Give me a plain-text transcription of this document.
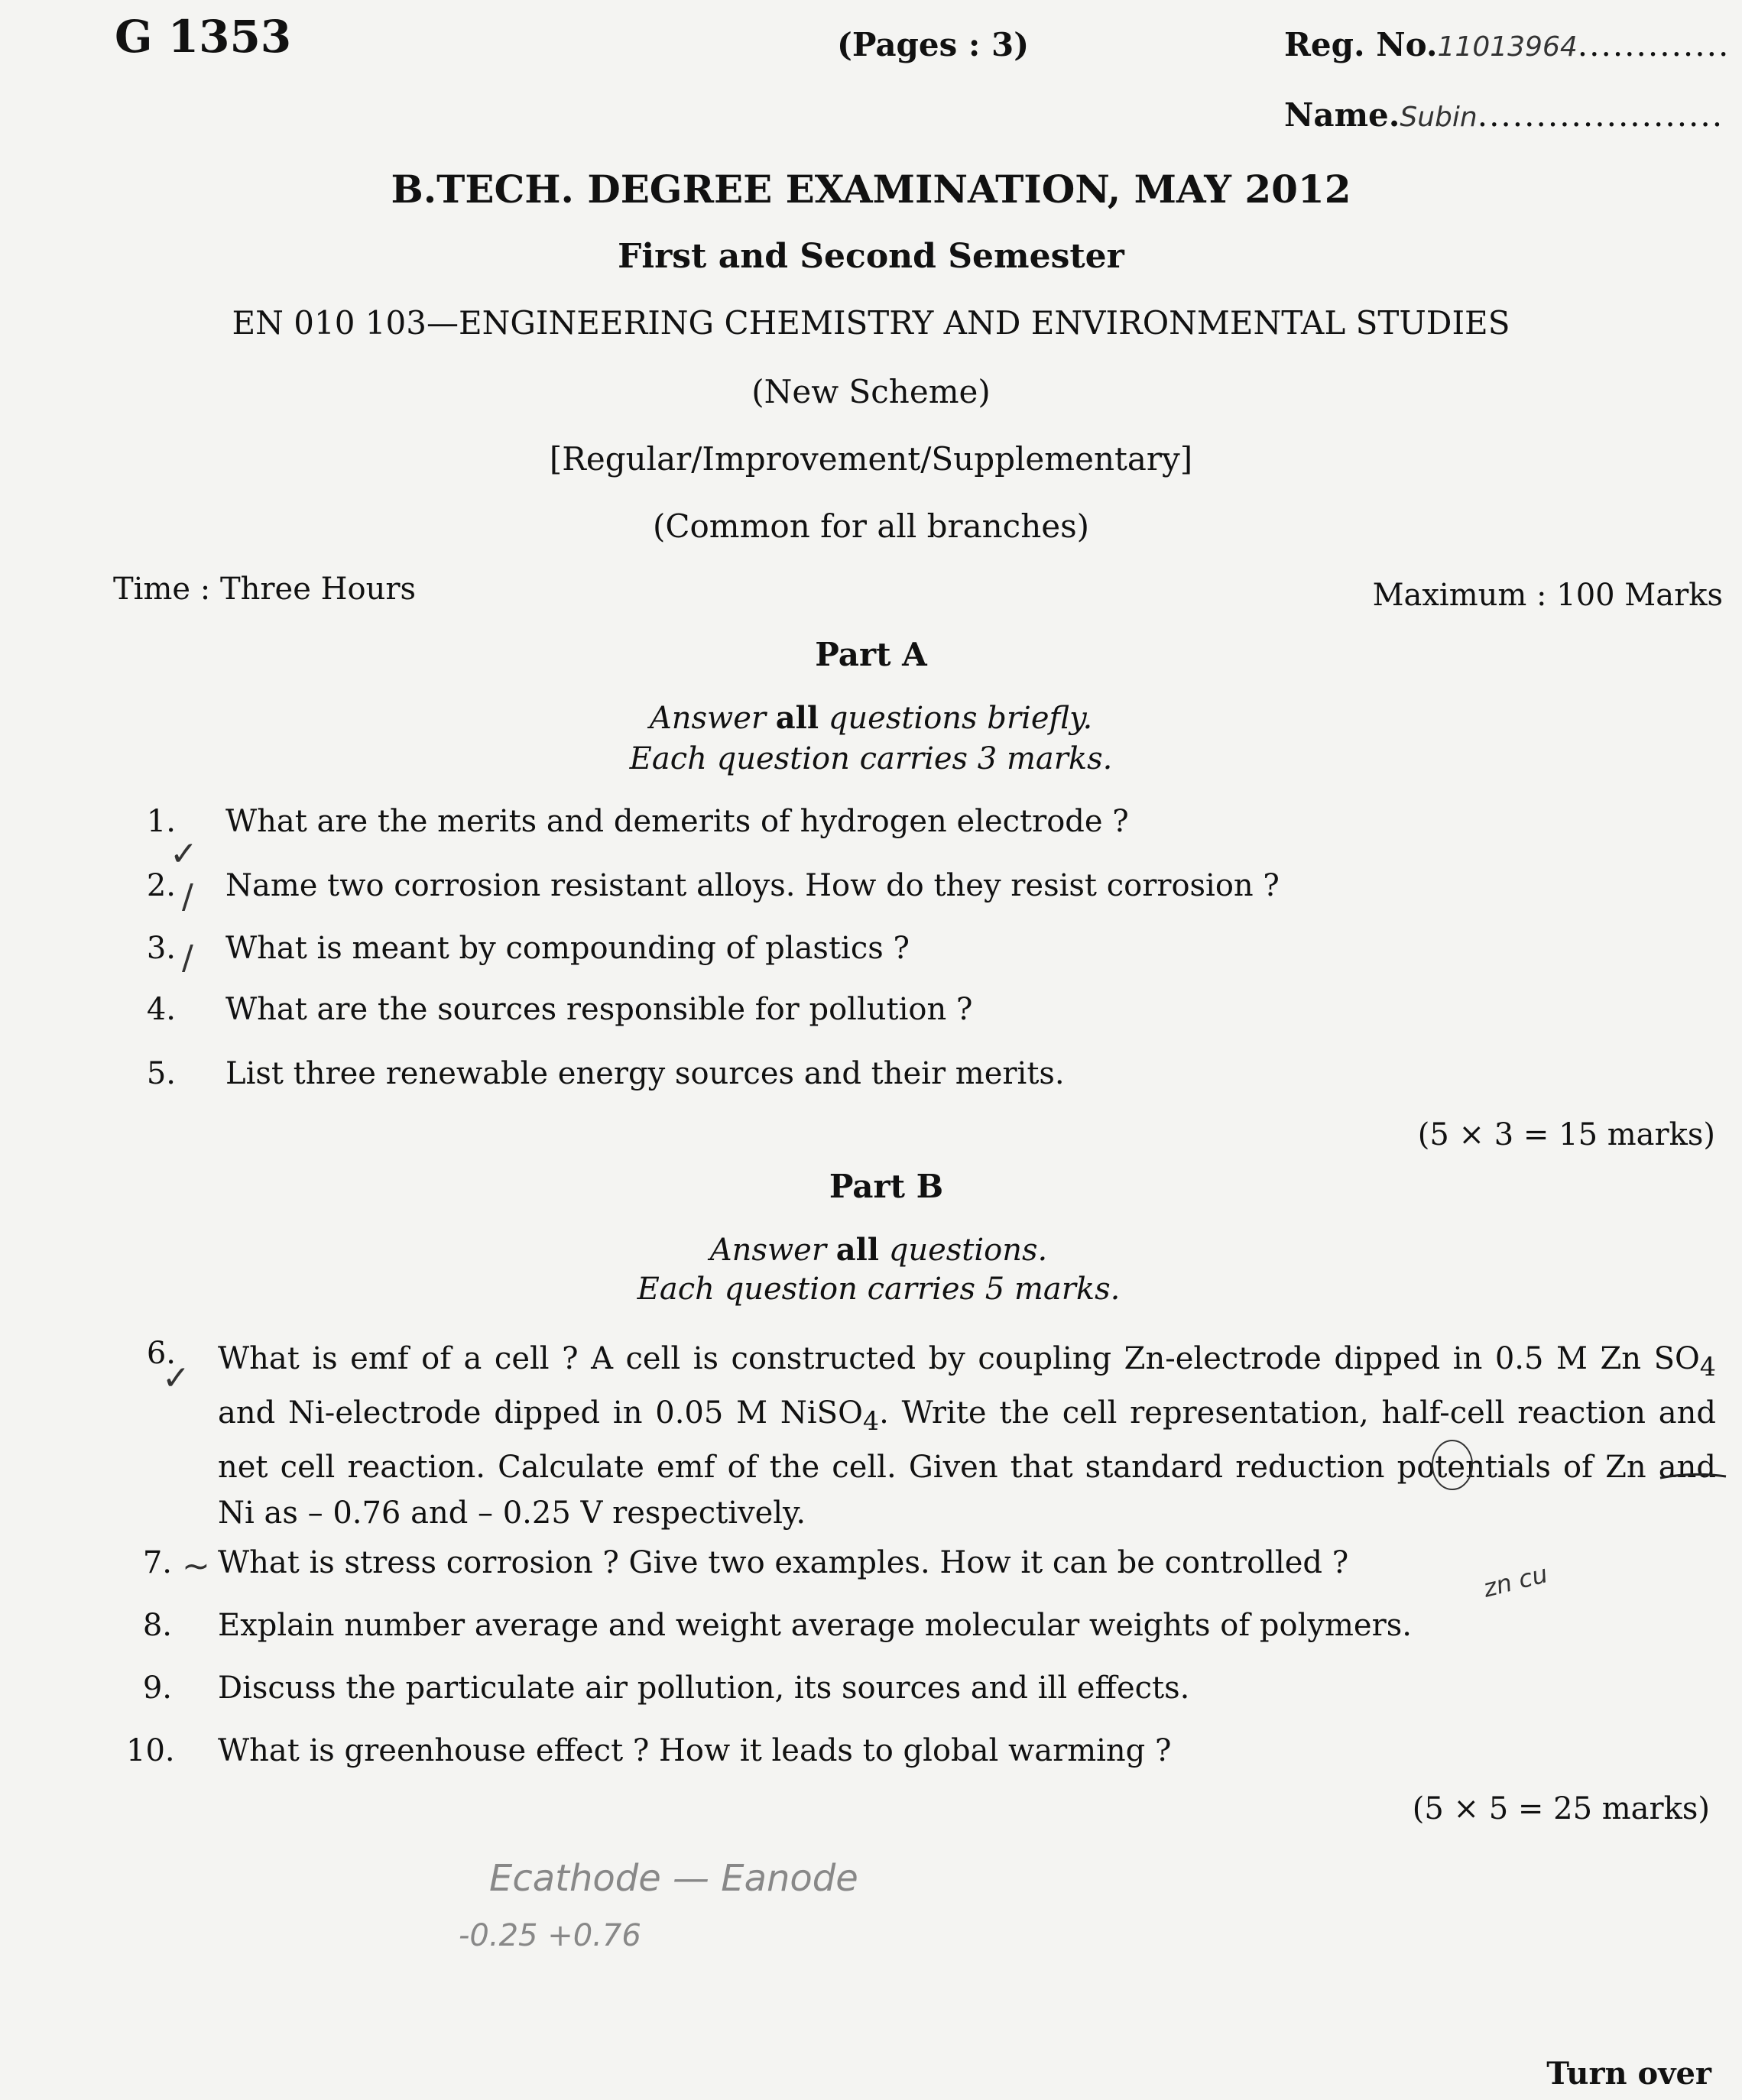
G 1353	(Pages : 3)	Reg. No.11013964.............
Name.Subin.....................
B.TECH. DEGREE EXAMINATION, MAY 2012
First and Second Semester
EN 010 103—ENGINEERING CHEMISTRY AND ENVIRONMENTAL STUDIES
(New Scheme)
[Regular/Improvement/Supplementary]
(Common for all branches)
Time : Three Hours	Maximum : 100 Marks
Part A
Answer all questions briefly.
Each question carries 3 marks.
1. What are the merits and demerits of hydrogen electrode ?
2. Name two corrosion resistant alloys. How do they resist corrosion ?
3. What is meant by compounding of plastics ?
4. What are the sources responsible for pollution ?
5. List three renewable energy sources and their merits.
(5 × 3 = 15 marks)
Part B
Answer all questions.
Each question carries 5 marks.
6. What is emf of a cell ? A cell is constructed by coupling Zn-electrode dipped in 0.5 M Zn $SO_4$ and Ni-electrode dipped in 0.05 M NiSO$_4$. Write the cell representation, half-cell reaction and net cell reaction. Calculate emf of the cell. Given that standard reduction potentials of Zn and Ni as – 0.76 and – 0.25 V respectively.
7. What is stress corrosion ? Give two examples. How it can be controlled ?
8. Explain number average and weight average molecular weights of polymers.
9. Discuss the particulate air pollution, its sources and ill effects.
10. What is greenhouse effect ? How it leads to global warming ?
(5 × 5 = 25 marks)
✓
/
/
✓
~	zn cu
Ecathode — Eanode
-0.25 +0.76
Turn over
